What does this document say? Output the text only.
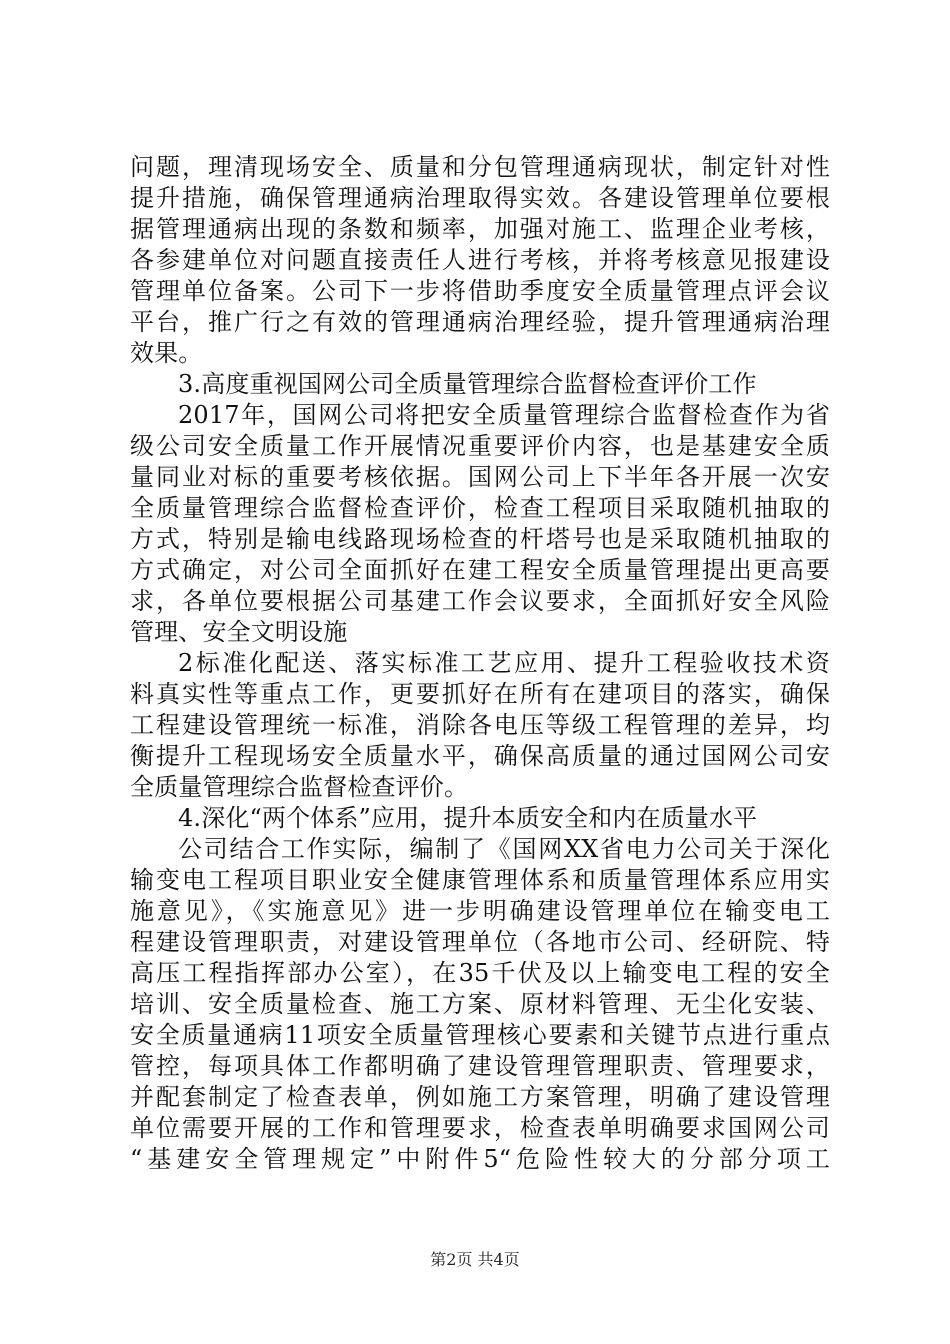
问题，理清现场安全、质量和分包管理通病现状，制定针对性
提升措施，确保管理通病治理取得实效。各建设管理单位要根
据管理通病出现的条数和频率，加强对施工、监理企业考核，
各参建单位对问题直接责任人进行考核，并将考核意见报建设
管理单位备案。公司下一步将借助季度安全质量管理点评会议
平台，推广行之有效的管理通病治理经验，提升管理通病治理
效果。
3.高度重视国网公司全质量管理综合监督检查评价工作
2017年，国网公司将把安全质量管理综合监督检查作为省
级公司安全质量工作开展情况重要评价内容，也是基建安全质
量同业对标的重要考核依据。国网公司上下半年各开展一次安
全质量管理综合监督检查评价，检查工程项目采取随机抽取的
方式，特别是输电线路现场检查的杆塔号也是采取随机抽取的
方式确定，对公司全面抓好在建工程安全质量管理提出更高要
求，各单位要根据公司基建工作会议要求，全面抓好安全风险
管理、安全文明设施
2标准化配送、落实标准工艺应用、提升工程验收技术资
料真实性等重点工作，更要抓好在所有在建项目的落实，确保
工程建设管理统一标准，消除各电压等级工程管理的差异，均
衡提升工程现场安全质量水平，确保高质量的通过国网公司安
全质量管理综合监督检查评价。
4.深化“两个体系”应用，提升本质安全和内在质量水平
公司结合工作实际，编制了《国网XX省电力公司关于深化
输变电工程项目职业安全健康管理体系和质量管理体系应用实
施意见》，《实施意见》进一步明确建设管理单位在输变电工
程建设管理职责，对建设管理单位（各地市公司、经研院、特
高压工程指挥部办公室），在35千伏及以上输变电工程的安全
培训、安全质量检查、施工方案、原材料管理、无尘化安装、
安全质量通病11项安全质量管理核心要素和关键节点进行重点
管控，每项具体工作都明确了建设管理管理职责、管理要求，
并配套制定了检查表单，例如施工方案管理，明确了建设管理
单位需要开展的工作和管理要求，检查表单明确要求国网公司
“基建安全管理规定”中附件5“危险性较大的分部分项工
第2页 共4页
